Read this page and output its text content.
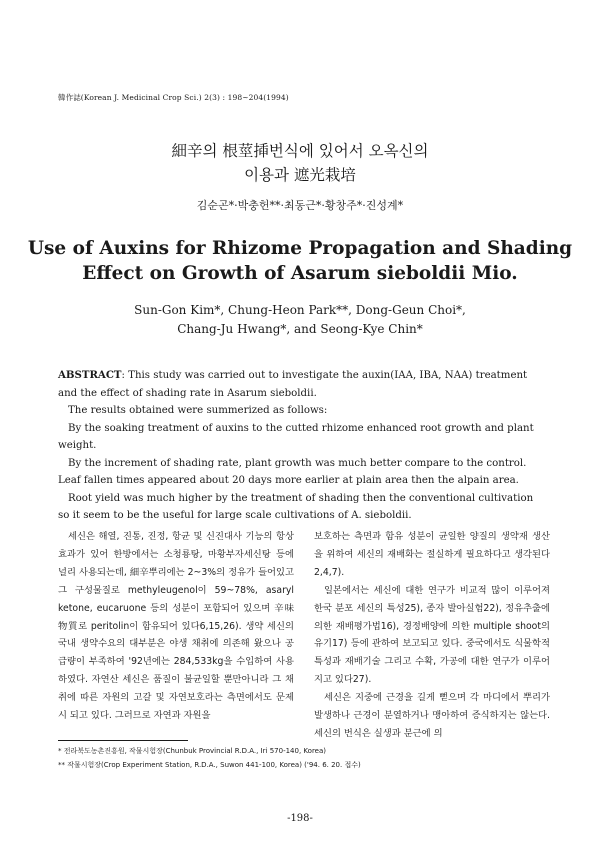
韓作誌(Korean J. Medicinal Crop Sci.) 2(3) : 198~204(1994)
細辛의 根莖揷번식에 있어서 오옥신의
이용과 遮光栽培
김순곤*·박충헌**·최동근*·황창주*·진성계*
Use of Auxins for Rhizome Propagation and Shading
Effect on Growth of Asarum sieboldii Mio.
Sun-Gon Kim*, Chung-Heon Park**, Dong-Geun Choi*,
Chang-Ju Hwang*, and Seong-Kye Chin*

ABSTRACT: This study was carried out to investigate the auxin(IAA, IBA, NAA) treatment and the effect of shading rate in Asarum sieboldii.

The results obtained were summerized as follows:

By the soaking treatment of auxins to the cutted rhizome enhanced root growth and plant weight.

By the increment of shading rate, plant growth was much better compare to the control. Leaf fallen times appeared about 20 days more earlier at plain area then the alpain area.

Root yield was much higher by the treatment of shading then the conventional cultivation so it seem to be the useful for large scale cultivations of A. sieboldii.

세신은 해열, 진통, 진정, 항균 및 신진대사 기능의 항상효과가 있어 한방에서는 소청룡탕, 마황부자세신탕 등에 널리 사용되는데, 細辛뿌리에는 2~3%의 정유가 들어있고 그 구성물질로 methyleugenol이 59~78%, asaryl ketone, eucaruone 등의 성분이 포함되어 있으며 辛味物質로 peritolin이 함유되어 있다6,15,26). 생약 세신의 국내 생약수요의 대부분은 야생 채취에 의존해 왔으나 공급량이 부족하여 '92년에는 284,533kg을 수입하여 사용하였다. 자연산 세신은 품질이 불균일할 뿐만아니라 그 채취에 따른 자원의 고갈 및 자연보호라는 측면에서도 문제시 되고 있다. 그러므로 자연과 자원을

보호하는 측면과 함유 성분이 균일한 양질의 생약재 생산을 위하여 세신의 재배화는 절실하게 필요하다고 생각된다2,4,7).

일본에서는 세신에 대한 연구가 비교적 많이 이루어져 한국 분포 세신의 특성25), 종자 발아실험22), 정유추출에 의한 재배평가법16), 경정배양에 의한 multiple shoot의 유기17) 등에 관하여 보고되고 있다. 중국에서도 식물학적 특성과 재배기술 그리고 수확, 가공에 대한 연구가 이루어지고 있다27).

세신은 지중에 근경을 길게 뻗으며 각 마디에서 뿌리가 발생하나 근경이 분열하거나 맹아하여 증식하지는 않는다. 세신의 번식은 실생과 분근에 의

* 전라북도농촌진흥원, 작물시험장(Chunbuk Provincial R.D.A., Iri 570-140, Korea)
** 작물시험장(Crop Experiment Station, R.D.A., Suwon 441-100, Korea) ('94. 6. 20. 접수)
-198-
